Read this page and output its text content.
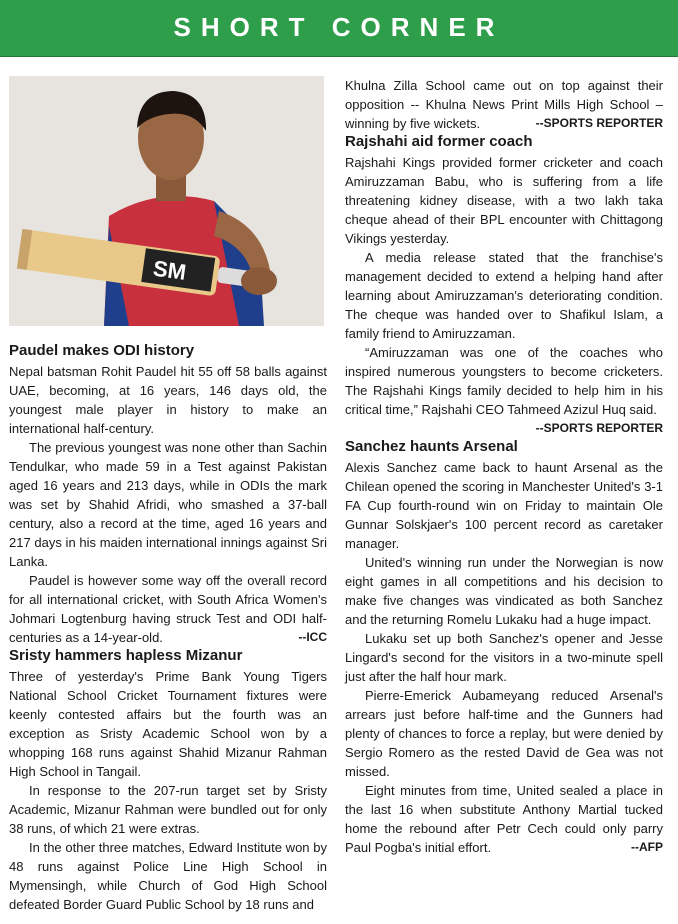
SHORT CORNER
SM
Paudel makes ODI history

Nepal batsman Rohit Paudel hit 55 off 58 balls against UAE, becoming, at 16 years, 146 days old, the youngest male player in history to make an international half-century.

The previous youngest was none other than Sachin Tendulkar, who made 59 in a Test against Pakistan aged 16 years and 213 days, while in ODIs the mark was set by Shahid Afridi, who smashed a 37-ball century, also a record at the time, aged 16 years and 217 days in his maiden international innings against Sri Lanka.

Paudel is however some way off the overall record for all international cricket, with South Africa Women's Johmari Logtenburg having struck Test and ODI half-centuries as a 14-year-old.	--ICC

Sristy hammers hapless Mizanur

Three of yesterday's Prime Bank Young Tigers National School Cricket Tournament fixtures were keenly contested affairs but the fourth was an exception as Sristy Academic School won by a whopping 168 runs against Shahid Mizanur Rahman High School in Tangail.

In response to the 207-run target set by Sristy Academic, Mizanur Rahman were bundled out for only 38 runs, of which 21 were extras.

In the other three matches, Edward Institute won by 48 runs against Police Line High School in Mymensingh, while Church of God High School defeated Border Guard Public School by 18 runs and

Khulna Zilla School came out on top against their opposition -- Khulna News Print Mills High School – winning by five wickets.	--SPORTS REPORTER

Rajshahi aid former coach

Rajshahi Kings provided former cricketer and coach Amiruzzaman Babu, who is suffering from a life threatening kidney disease, with a two lakh taka cheque ahead of their BPL encounter with Chittagong Vikings yesterday.

A media release stated that the franchise's management decided to extend a helping hand after learning about Amiruzzaman's deteriorating condition. The cheque was handed over to Shafikul Islam, a family friend to Amiruzzaman.

“Amiruzzaman was one of the coaches who inspired numerous youngsters to become cricketers. The Rajshahi Kings family decided to help him in his critical time,” Rajshahi CEO Tahmeed Azizul Huq said.

--SPORTS REPORTER
Sanchez haunts Arsenal

Alexis Sanchez came back to haunt Arsenal as the Chilean opened the scoring in Manchester United's 3-1 FA Cup fourth-round win on Friday to maintain Ole Gunnar Solskjaer's 100 percent record as caretaker manager.

United's winning run under the Norwegian is now eight games in all competitions and his decision to make five changes was vindicated as both Sanchez and the returning Romelu Lukaku had a huge impact.

Lukaku set up both Sanchez's opener and Jesse Lingard's second for the visitors in a two-minute spell just after the half hour mark.

Pierre-Emerick Aubameyang reduced Arsenal's arrears just before half-time and the Gunners had plenty of chances to force a replay, but were denied by Sergio Romero as the rested David de Gea was not missed.

Eight minutes from time, United sealed a place in the last 16 when substitute Anthony Martial tucked home the rebound after Petr Cech could only parry Paul Pogba's initial effort.	--AFP
